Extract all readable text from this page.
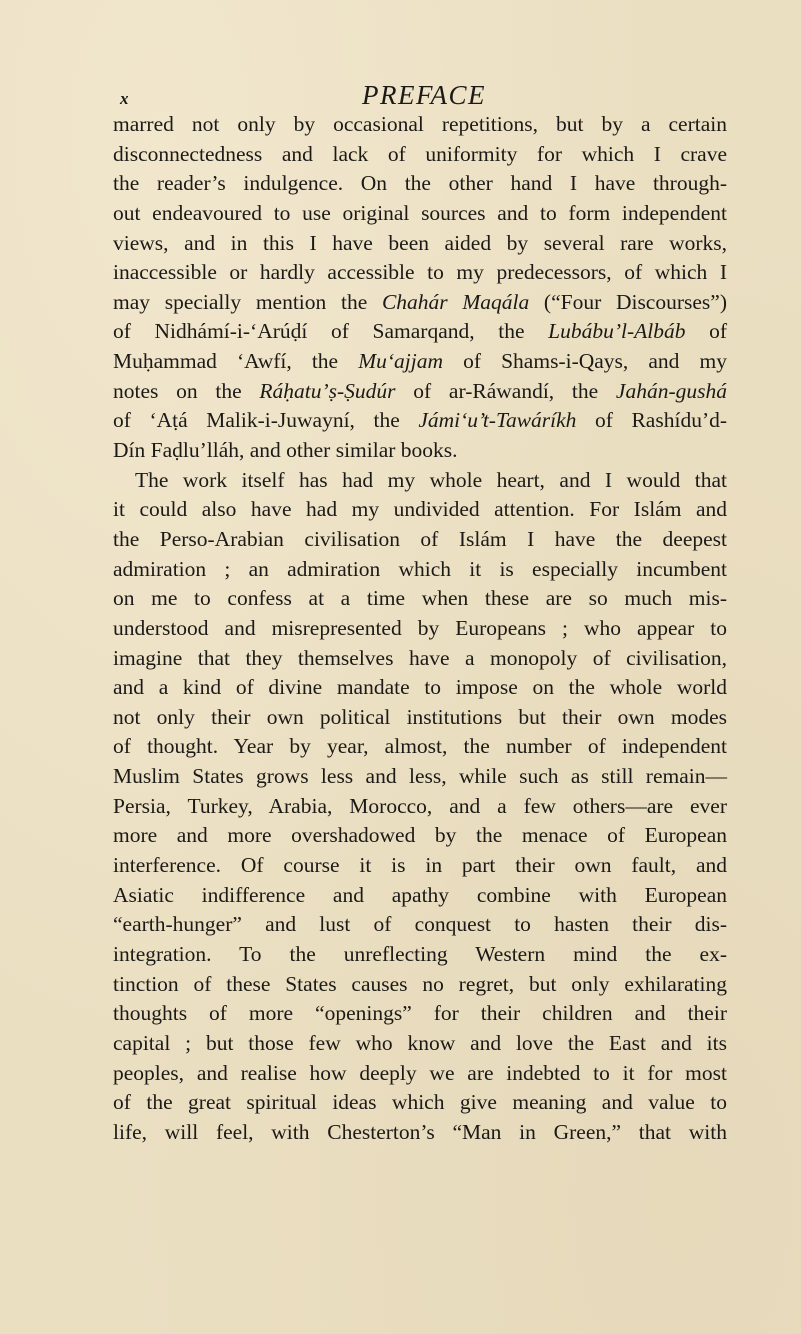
x	PREFACE
marred not only by occasional repetitions, but by a certain
disconnectedness and lack of uniformity for which I crave
the reader’s indulgence. On the other hand I have through-
out endeavoured to use original sources and to form independent
views, and in this I have been aided by several rare works,
inaccessible or hardly accessible to my predecessors, of which I
may specially mention the Chahár Maqála (“Four Discourses”)
of Nidhámí-i-‘Arúḍí of Samarqand, the Lubábu’l-Albáb of
Muḥammad ‘Awfí, the Mu‘ajjam of Shams-i-Qays, and my
notes on the Ráḥatu’ṣ-Ṣudúr of ar-Ráwandí, the Jahán-gushá
of ‘Aṭá Malik-i-Juwayní, the Jámi‘u’t-Tawáríkh of Rashídu’d-
Dín Faḍlu’lláh, and other similar books.
The work itself has had my whole heart, and I would that
it could also have had my undivided attention. For Islám and
the Perso-Arabian civilisation of Islám I have the deepest
admiration ; an admiration which it is especially incumbent
on me to confess at a time when these are so much mis-
understood and misrepresented by Europeans ; who appear to
imagine that they themselves have a monopoly of civilisation,
and a kind of divine mandate to impose on the whole world
not only their own political institutions but their own modes
of thought. Year by year, almost, the number of independent
Muslim States grows less and less, while such as still remain—
Persia, Turkey, Arabia, Morocco, and a few others—are ever
more and more overshadowed by the menace of European
interference. Of course it is in part their own fault, and
Asiatic indifference and apathy combine with European
“earth-hunger” and lust of conquest to hasten their dis-
integration. To the unreflecting Western mind the ex-
tinction of these States causes no regret, but only exhilarating
thoughts of more “openings” for their children and their
capital ; but those few who know and love the East and its
peoples, and realise how deeply we are indebted to it for most
of the great spiritual ideas which give meaning and value to
life, will feel, with Chesterton’s “Man in Green,” that with
